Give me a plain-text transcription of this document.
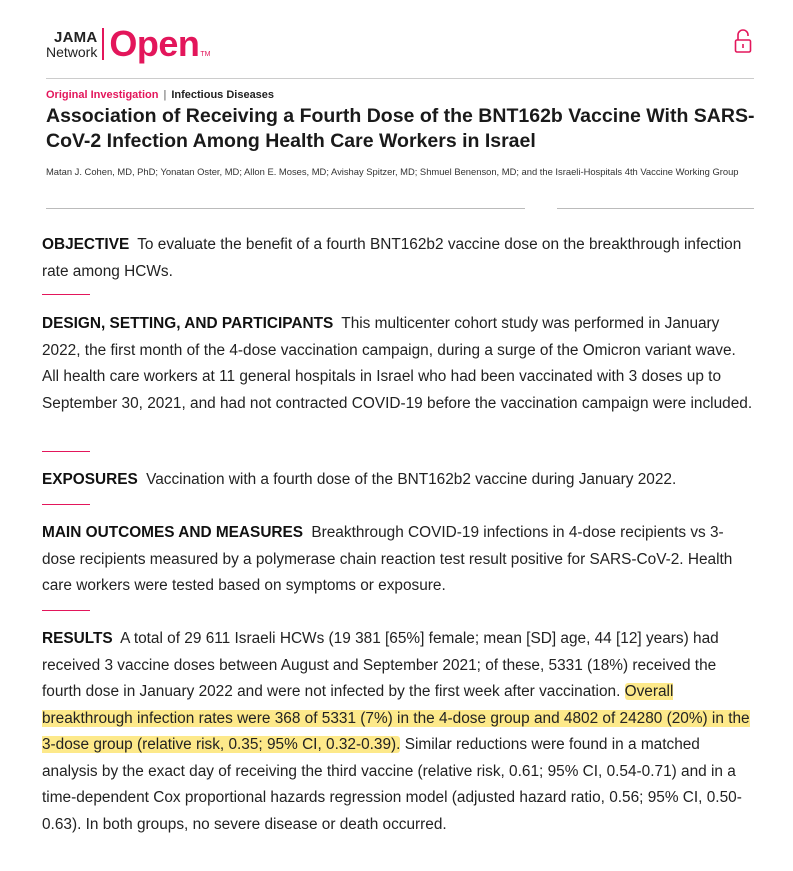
JAMA
Network Open TM
Original Investigation | Infectious Diseases
Association of Receiving a Fourth Dose of the BNT162b Vaccine With SARS-CoV-2 Infection Among Health Care Workers in Israel
Matan J. Cohen, MD, PhD; Yonatan Oster, MD; Allon E. Moses, MD; Avishay Spitzer, MD; Shmuel Benenson, MD; and the Israeli-Hospitals 4th Vaccine Working Group

OBJECTIVE To evaluate the benefit of a fourth BNT162b2 vaccine dose on the breakthrough infection rate among HCWs.

DESIGN, SETTING, AND PARTICIPANTS This multicenter cohort study was performed in January 2022, the first month of the 4-dose vaccination campaign, during a surge of the Omicron variant wave. All health care workers at 11 general hospitals in Israel who had been vaccinated with 3 doses up to September 30, 2021, and had not contracted COVID-19 before the vaccination campaign were included.

EXPOSURES Vaccination with a fourth dose of the BNT162b2 vaccine during January 2022.

MAIN OUTCOMES AND MEASURES Breakthrough COVID-19 infections in 4-dose recipients vs 3-dose recipients measured by a polymerase chain reaction test result positive for SARS-CoV-2. Health care workers were tested based on symptoms or exposure.

RESULTS A total of 29 611 Israeli HCWs (19 381 [65%] female; mean [SD] age, 44 [12] years) had received 3 vaccine doses between August and September 2021; of these, 5331 (18%) received the fourth dose in January 2022 and were not infected by the first week after vaccination. Overall breakthrough infection rates were 368 of 5331 (7%) in the 4-dose group and 4802 of 24280 (20%) in the 3-dose group (relative risk, 0.35; 95% CI, 0.32-0.39). Similar reductions were found in a matched analysis by the exact day of receiving the third vaccine (relative risk, 0.61; 95% CI, 0.54-0.71) and in a time-dependent Cox proportional hazards regression model (adjusted hazard ratio, 0.56; 95% CI, 0.50-0.63). In both groups, no severe disease or death occurred.
